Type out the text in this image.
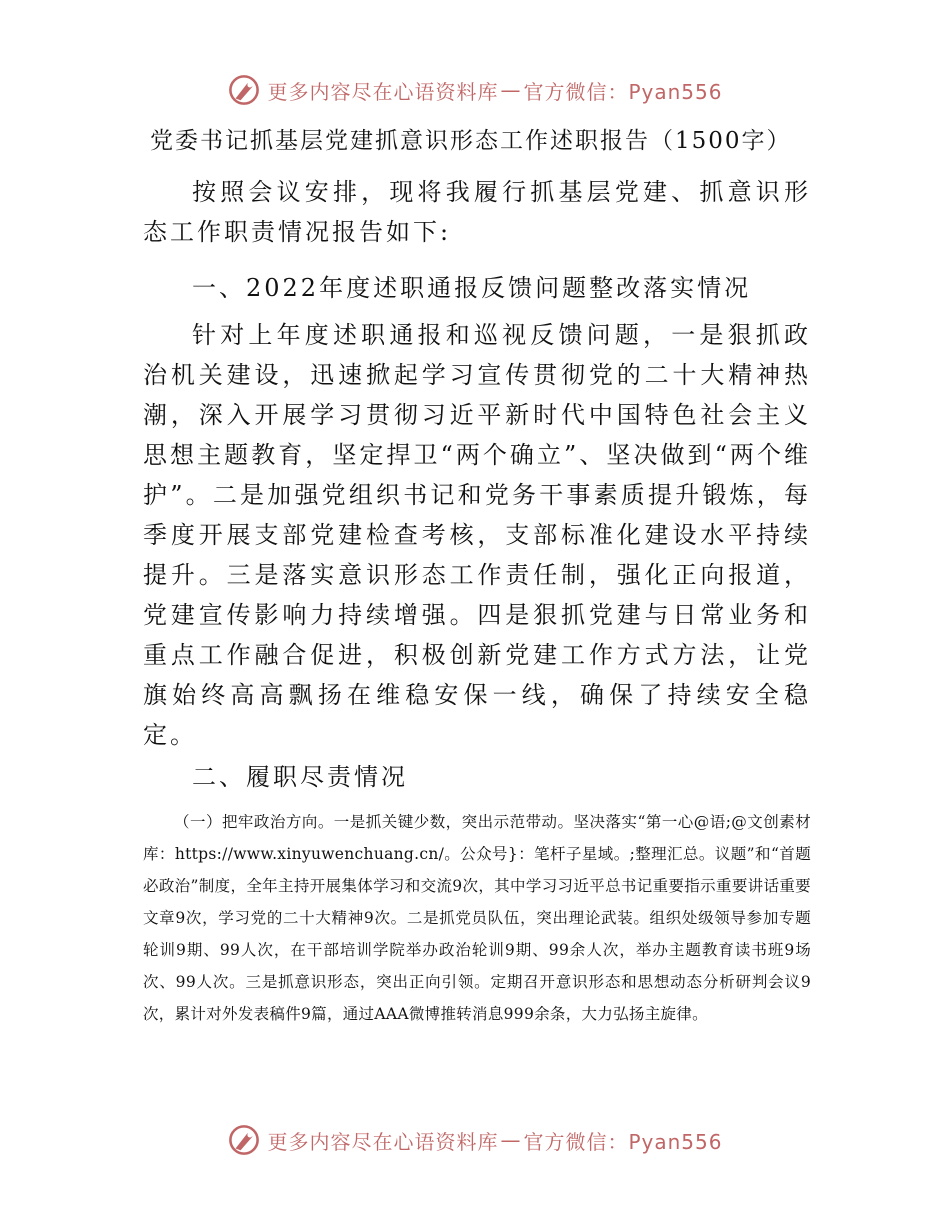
更多内容尽在心语资料库 — 官方微信：Pyan556
党委书记抓基层党建抓意识形态工作述职报告（1500字）
按照会议安排，现将我履行抓基层党建、抓意识形态工作职责情况报告如下:
一、2022年度述职通报反馈问题整改落实情况
针对上年度述职通报和巡视反馈问题，一是狠抓政治机关建设，迅速掀起学习宣传贯彻党的二十大精神热潮，深入开展学习贯彻习近平新时代中国特色社会主义思想主题教育，坚定捍卫“两个确立”、坚决做到“两个维护”。二是加强党组织书记和党务干事素质提升锻炼，每季度开展支部党建检查考核，支部标准化建设水平持续提升。三是落实意识形态工作责任制，强化正向报道，党建宣传影响力持续增强。四是狠抓党建与日常业务和重点工作融合促进，积极创新党建工作方式方法，让党旗始终高高飘扬在维稳安保一线，确保了持续安全稳定。
二、履职尽责情况
（一）把牢政治方向。一是抓关键少数，突出示范带动。坚决落实“第一心@语;@文创素材库：https://www.xinyuwenchuang.cn/。公众号}：笔杆子星域。;整理汇总。议题”和“首题必政治”制度，全年主持开展集体学习和交流9次，其中学习习近平总书记重要指示重要讲话重要文章9次，学习党的二十大精神9次。二是抓党员队伍，突出理论武装。组织处级领导参加专题轮训9期、99人次，在干部培训学院举办政治轮训9期、99余人次，举办主题教育读书班9场次、99人次。三是抓意识形态，突出正向引领。定期召开意识形态和思想动态分析研判会议9次，累计对外发表稿件9篇，通过AAA微博推转消息999余条，大力弘扬主旋律。
更多内容尽在心语资料库 — 官方微信：Pyan556
